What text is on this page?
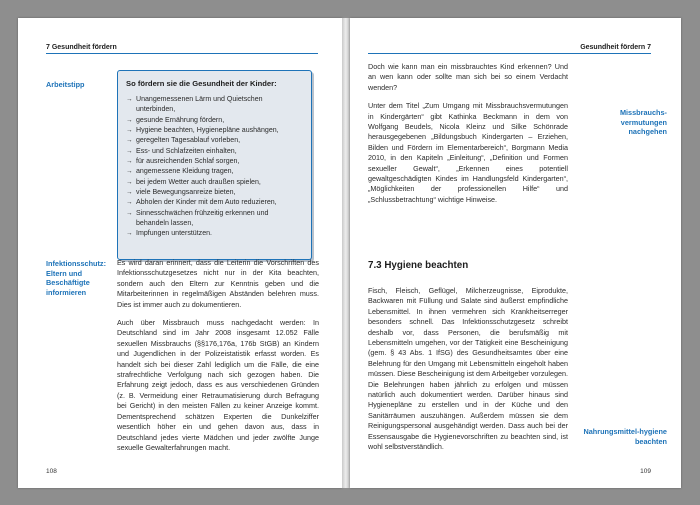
7 Gesundheit fördern
Arbeitstipp	So fördern sie die Gesundheit der Kinder:
→ Unangemessenen Lärm und Quietschen unterbinden,
→ gesunde Ernährung fördern,
→ Hygiene beachten, Hygienepläne aushängen,
→ geregelten Tagesablauf vorleben,
→ Ess- und Schlafzeiten einhalten,
→ für ausreichenden Schlaf sorgen,
→ angemessene Kleidung tragen,
→ bei jedem Wetter auch draußen spielen,
→ viele Bewegungsanreize bieten,
→ Abholen der Kinder mit dem Auto reduzieren,
→ Sinnesschwächen frühzeitig erkennen und behandeln lassen,
→ Impfungen unterstützen.
Infektionsschutz: Eltern und Beschäftigte informieren

Es wird daran erinnert, dass die Leiterin die Vorschriften des Infektionsschutzgesetzes nicht nur in der Kita beachten, sondern auch den Eltern zur Kenntnis geben und die Mitarbeiterinnen in regelmäßigen Abständen belehren muss. Dies ist immer auch zu dokumentieren.

Auch über Missbrauch muss nachgedacht werden: In Deutschland sind im Jahr 2008 insgesamt 12.052 Fälle sexuellen Missbrauchs (§§176,176a, 176b StGB) an Kindern und Jugendlichen in der Polizeistatistik erfasst worden. Es handelt sich bei dieser Zahl lediglich um die Fälle, die eine strafrechtliche Verfolgung nach sich gezogen haben. Die Erfahrung zeigt jedoch, dass es aus verschiedenen Gründen (z. B. Vermeidung einer Retraumatisierung durch Befragung bei Gericht) in den meisten Fällen zu keiner Anzeige kommt. Dementsprechend schätzen Experten die Dunkelziffer wesentlich höher ein und gehen davon aus, dass in Deutschland jedes vierte Mädchen und jeder zwölfte Junge sexuelle Gewalterfahrungen macht.

108
Gesundheit fördern 7

Doch wie kann man ein missbrauchtes Kind erkennen? Und an wen kann oder sollte man sich bei so einem Verdacht wenden?

Unter dem Titel „Zum Umgang mit Missbrauchsvermutungen in Kindergärten“ gibt Kathinka Beckmann in dem von Wolfgang Beudels, Nicola Kleinz und Silke Schönrade herausgegebenen „Bildungsbuch Kindergarten – Erziehen, Bilden und Fördern im Elementarbereich“, Borgmann Media 2010, in den Kapiteln „Einleitung“, „Definition und Formen sexueller Gewalt“, „Erkennen eines potentiell gewaltgeschädigten Kindes im Handlungsfeld Kindergarten“, „Möglichkeiten der professionellen Hilfe“ und „Schlussbetrachtung“ wichtige Hinweise.

Missbrauchs-vermutungen nachgehen
7.3 Hygiene beachten

Fisch, Fleisch, Geflügel, Milcherzeugnisse, Eiprodukte, Backwaren mit Füllung und Salate sind äußerst empfindliche Lebensmittel. In ihnen vermehren sich Krankheitserreger besonders schnell. Das Infektionsschutzgesetz schreibt deshalb vor, dass Personen, die berufsmäßig mit Lebensmitteln umgehen, vor der Tätigkeit eine Bescheinigung (gem. § 43 Abs. 1 IfSG) des Gesundheitsamtes über eine Belehrung für den Umgang mit Lebensmitteln eingeholt haben müssen. Diese Bescheinigung ist dem Arbeitgeber vorzulegen. Die Belehrungen haben jährlich zu erfolgen und müssen natürlich auch dokumentiert werden. Darüber hinaus sind Hygienepläne zu erstellen und in der Küche und den Sanitärräumen auszuhängen. Außerdem müssen sie dem Reinigungspersonal ausgehändigt werden. Dass auch bei der Essensausgabe die Hygienevorschriften zu beachten sind, ist wohl selbstverständlich.

Nahrungsmittel-hygiene beachten
109
